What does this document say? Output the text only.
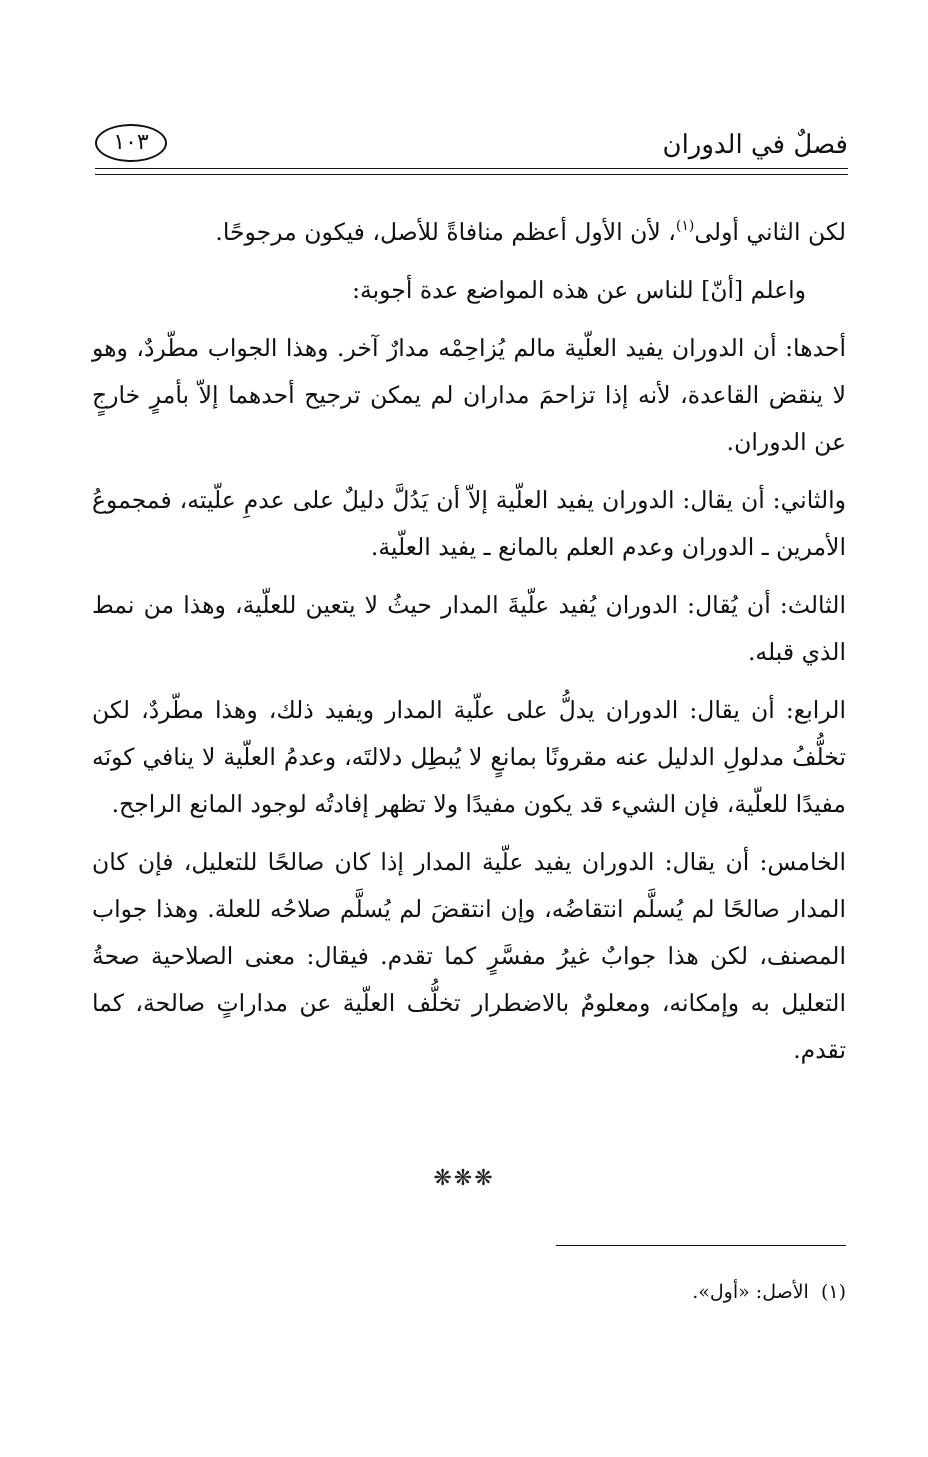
فصلٌ في الدوران
١٠٣

لكن الثاني أولى$^{(١)}$، لأن الأول أعظم منافاةً للأصل، فيكون مرجوحًا.

واعلم [أنّ] للناس عن هذه المواضع عدة أجوبة:

أحدها: أن الدوران يفيد العلّية مالم يُزاحِمْه مدارٌ آخر. وهذا الجواب مطّردٌ، وهو لا ينقض القاعدة، لأنه إذا تزاحمَ مداران لم يمكن ترجيح أحدهما إلاّ بأمرٍ خارجٍ عن الدوران.

والثاني: أن يقال: الدوران يفيد العلّية إلاّ أن يَدُلَّ دليلٌ على عدمِ علّيته، فمجموعُ الأمرين ـ الدوران وعدم العلم بالمانع ـ يفيد العلّية.

الثالث: أن يُقال: الدوران يُفيد علّيةَ المدار حيثُ لا يتعين للعلّية، وهذا من نمط الذي قبله.

الرابع: أن يقال: الدوران يدلُّ على علّية المدار ويفيد ذلك، وهذا مطّردٌ، لكن تخلُّفُ مدلولِ الدليل عنه مقرونًا بمانعٍ لا يُبطِل دلالتَه، وعدمُ العلّية لا ينافي كونَه مفيدًا للعلّية، فإن الشيء قد يكون مفيدًا ولا تظهر إفادتُه لوجود المانع الراجح.

الخامس: أن يقال: الدوران يفيد علّية المدار إذا كان صالحًا للتعليل، فإن كان المدار صالحًا لم يُسلَّم انتقاضُه، وإن انتقضَ لم يُسلَّم صلاحُه للعلة. وهذا جواب المصنف، لكن هذا جوابٌ غيرُ مفسَّرٍ كما تقدم. فيقال: معنى الصلاحية صحةُ التعليل به وإمكانه، ومعلومٌ بالاضطرار تخلُّف العلّية عن مداراتٍ صالحة، كما تقدم.

❋❋❋
(١)  الأصل: «أول».
